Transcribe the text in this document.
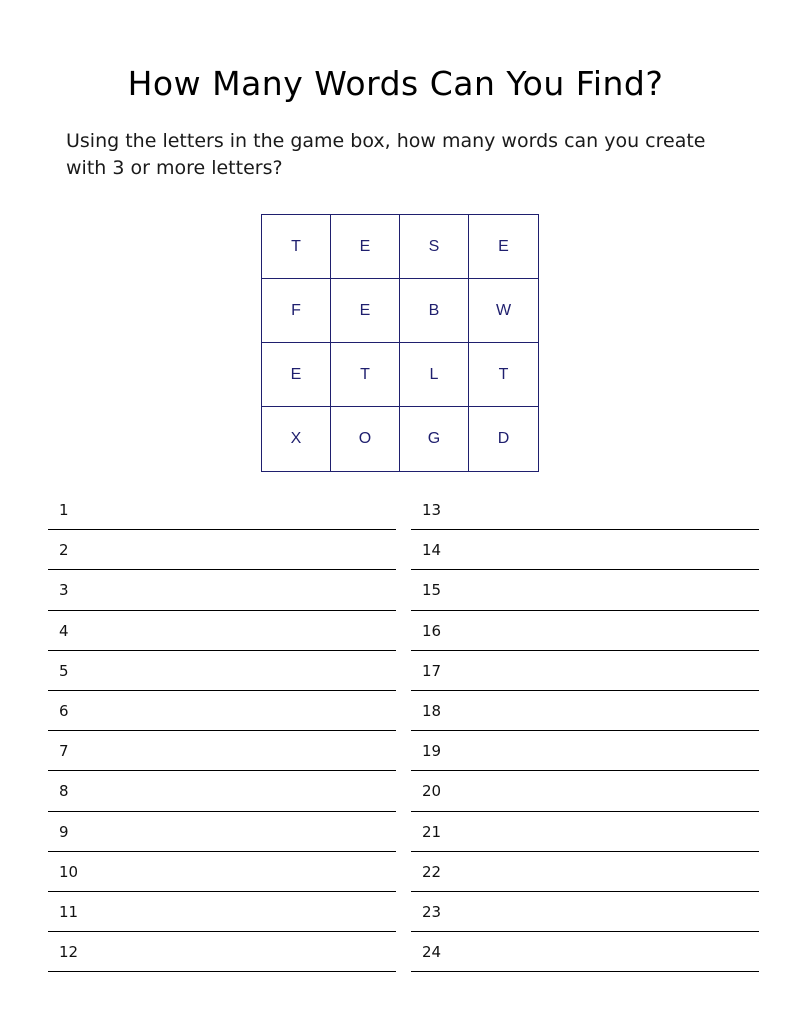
How Many Words Can You Find?
Using the letters in the game box, how many words can you create with 3 or more letters?
T	E	S	E
F	E	B	W
E	T	L	T
X	O	G	D
1
2
3
4
5
6
7
8
9
10
11
12
13
14
15
16
17
18
19
20
21
22
23
24
